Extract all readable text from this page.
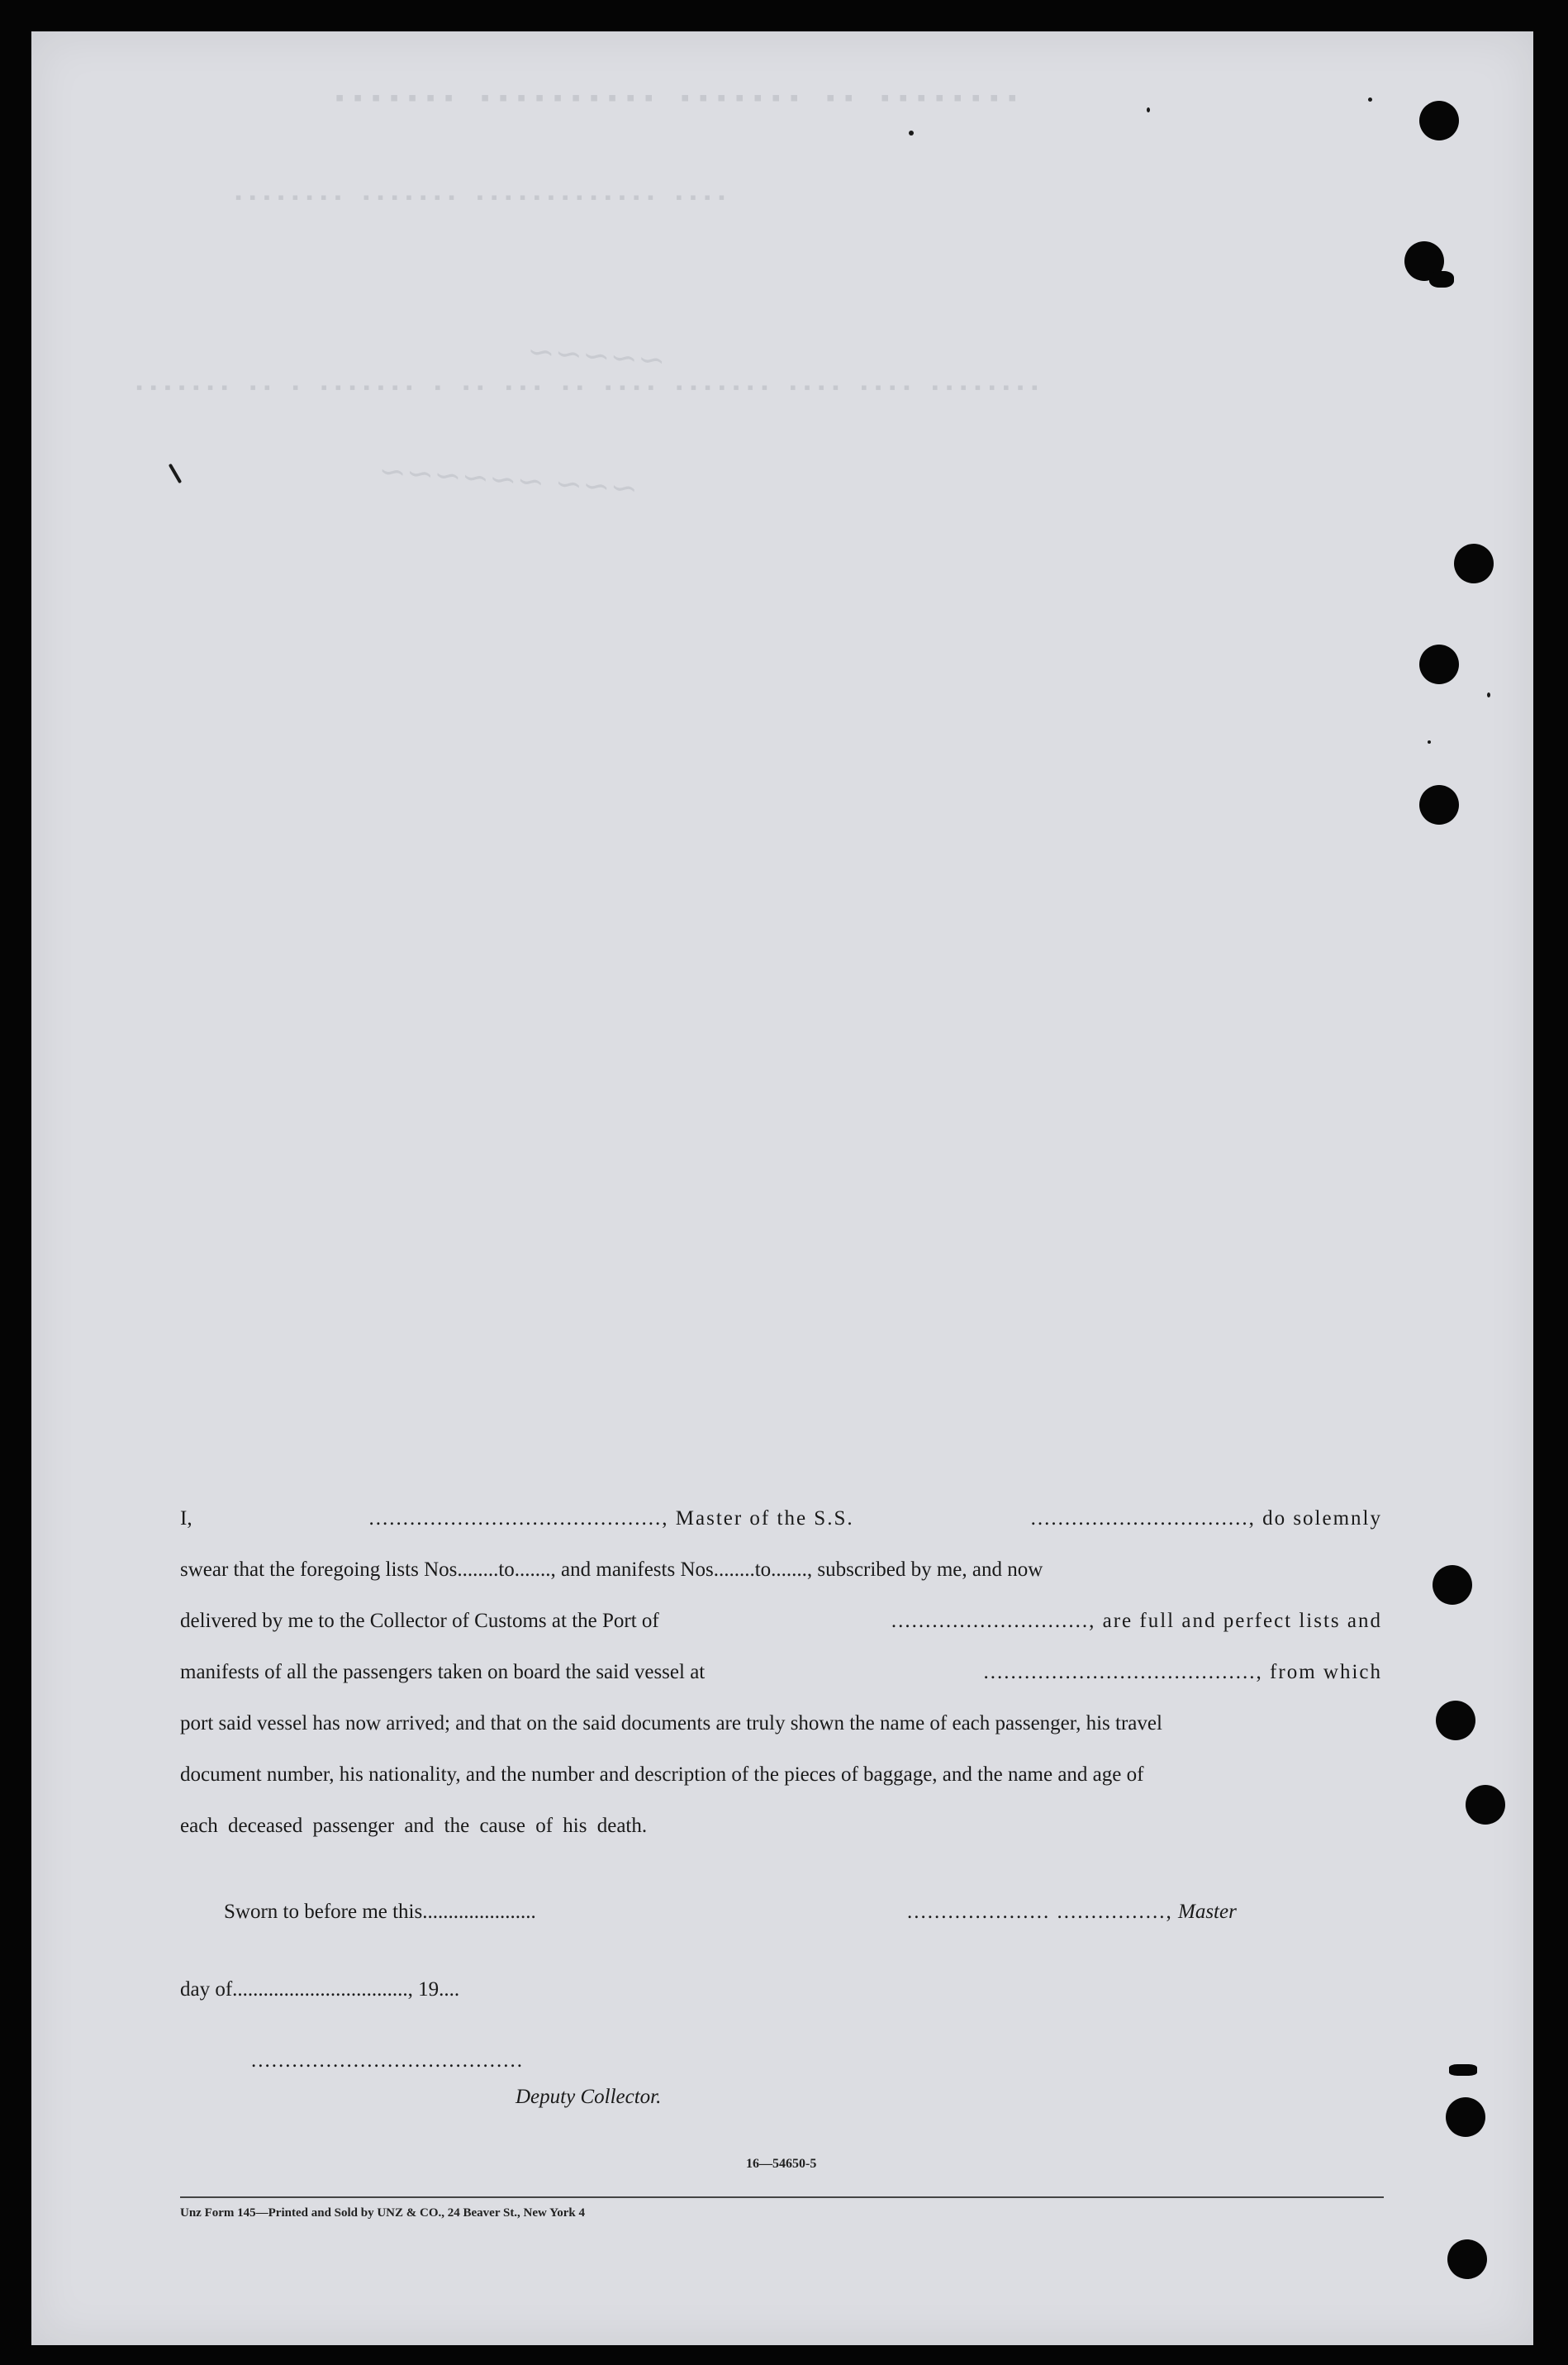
▪▪▪▪▪▪▪▪ ▪▪ ▪▪▪▪▪▪▪ ▪▪▪▪▪▪▪▪▪▪ ▪▪▪▪▪▪▪
▪▪▪▪ ▪▪▪▪▪▪▪▪▪▪▪▪▪ ▪▪▪▪▪▪▪ ▪▪▪▪▪▪▪▪
▪▪▪▪▪▪▪▪ ▪▪▪▪ ▪▪▪▪ ▪▪▪▪▪▪▪ ▪▪▪▪ ▪▪ ▪▪▪ ▪▪ ▪ ▪▪▪▪▪▪▪ ▪ ▪▪ ▪▪▪▪▪▪▪
~~~~~
~~~ ~~~~~~
I,	..........................................., Master of the S.S.	................................, do solemnly
swear that the foregoing lists Nos........to......., and manifests Nos........to......., subscribed by me, and now
delivered by me to the Collector of Customs at the Port of	............................., are full and perfect lists and
manifests of all the passengers taken on board the said vessel at	........................................, from which
port said vessel has now arrived; and that on the said documents are truly shown the name of each passenger, his travel
document number, his nationality, and the number and description of the pieces of baggage, and the name and age of
each deceased passenger and the cause of his death.
Sworn to before me this......................	..................... ................, Master
day of.................................., 19....
........................................
Deputy Collector.
16—54650-5
Unz Form 145—Printed and Sold by UNZ & CO., 24 Beaver St., New York 4
